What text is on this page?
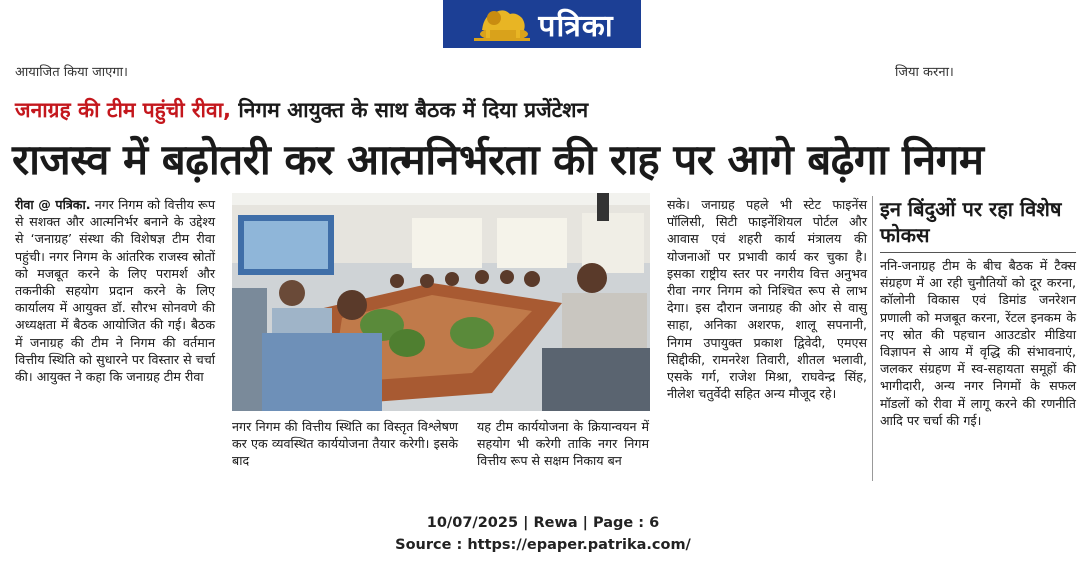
पत्रिका
आयाजित किया जाएगा।	जिया करना।
जनाग्रह की टीम पहुंची रीवा, निगम आयुक्त के साथ बैठक में दिया प्रजेंटेशन
राजस्व में बढ़ोतरी कर आत्मनिर्भरता की राह पर आगे बढ़ेगा निगम
रीवा @ पत्रिका. नगर निगम को वित्तीय रूप से सशक्त और आत्मनिर्भर बनाने के उद्देश्य से ‘जनाग्रह’ संस्था की विशेषज्ञ टीम रीवा पहुंची। नगर निगम के आंतरिक राजस्व स्रोतों को मजबूत करने के लिए परामर्श और तकनीकी सहयोग प्रदान करने के लिए कार्यालय में आयुक्त डॉ. सौरभ सोनवणे की अध्यक्षता में बैठक आयोजित की गई। बैठक में जनाग्रह की टीम ने निगम की वर्तमान वित्तीय स्थिति को सुधारने पर विस्तार से चर्चा की। आयुक्त ने कहा कि जनाग्रह टीम रीवा
नगर निगम की वित्तीय स्थिति का विस्तृत विश्लेषण कर एक व्यवस्थित कार्ययोजना तैयार करेगी। इसके बाद
यह टीम कार्ययोजना के क्रियान्वयन में सहयोग भी करेगी ताकि नगर निगम वित्तीय रूप से सक्षम निकाय बन
सके। जनाग्रह पहले भी स्टेट फाइनेंस पॉलिसी, सिटी फाइनेंशियल पोर्टल और आवास एवं शहरी कार्य मंत्रालय की योजनाओं पर प्रभावी कार्य कर चुका है। इसका राष्ट्रीय स्तर पर नगरीय वित्त अनुभव रीवा नगर निगम को निश्चित रूप से लाभ देगा। इस दौरान जनाग्रह की ओर से वासु साहा, अनिका अशरफ, शालू सपनानी, निगम उपायुक्त प्रकाश द्विवेदी, एमएस सिद्दीकी, रामनरेश तिवारी, शीतल भलावी, एसके गर्ग, राजेश मिश्रा, राघवेन्द्र सिंह, नीलेश चतुर्वेदी सहित अन्य मौजूद रहे।
इन बिंदुओं पर रहा विशेष फोकस
ननि-जनाग्रह टीम के बीच बैठक में टैक्स संग्रहण में आ रही चुनौतियों को दूर करना, कॉलोनी विकास एवं डिमांड जनरेशन प्रणाली को मजबूत करना, रेंटल इनकम के नए स्रोत की पहचान आउटडोर मीडिया विज्ञापन से आय में वृद्धि की संभावनाएं, जलकर संग्रहण में स्व-सहायता समूहों की भागीदारी, अन्य नगर निगमों के सफल मॉडलों को रीवा में लागू करने की रणनीति आदि पर चर्चा की गई।
10/07/2025 | Rewa | Page : 6
Source : https://epaper.patrika.com/
